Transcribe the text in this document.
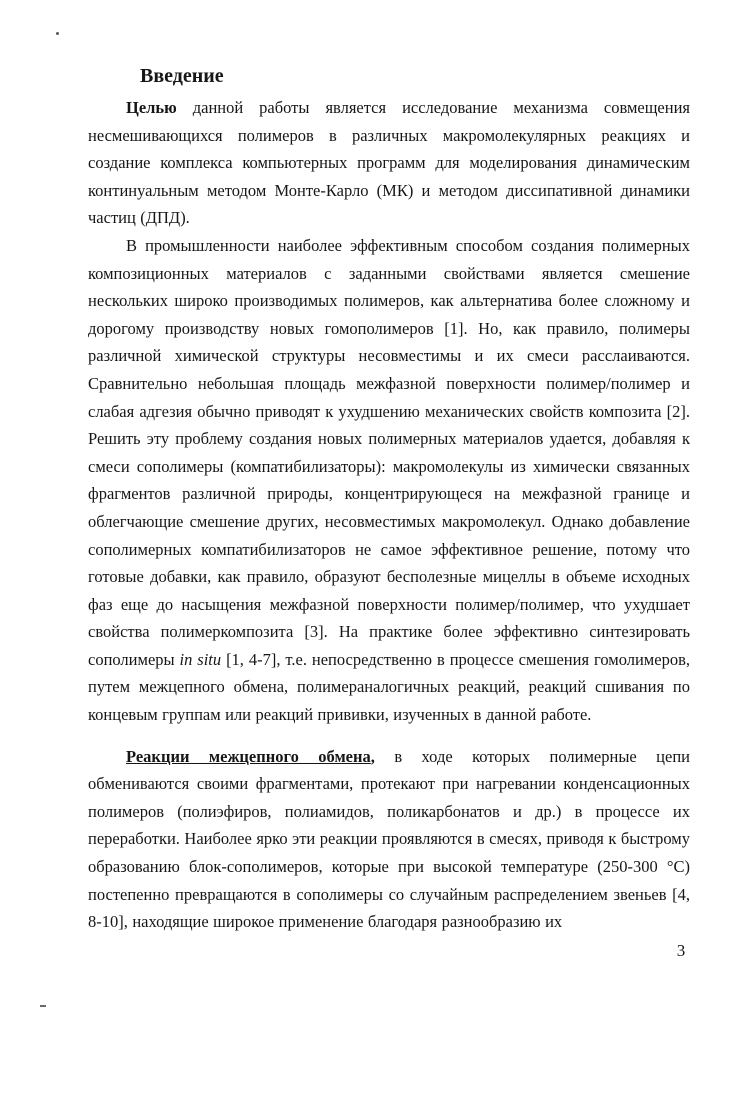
Введение

Целью данной работы является исследование механизма совмещения несмешивающихся полимеров в различных макромолекулярных реакциях и создание комплекса компьютерных программ для моделирования динамическим континуальным методом Монте-Карло (МК) и методом диссипативной динамики частиц (ДПД).

В промышленности наиболее эффективным способом создания полимерных композиционных материалов с заданными свойствами является смешение нескольких широко производимых полимеров, как альтернатива более сложному и дорогому производству новых гомополимеров [1]. Но, как правило, полимеры различной химической структуры несовместимы и их смеси расслаиваются. Сравнительно небольшая площадь межфазной поверхности полимер/полимер и слабая адгезия обычно приводят к ухудшению механических свойств композита [2]. Решить эту проблему создания новых полимерных материалов удается, добавляя к смеси сополимеры (компатибилизаторы): макромолекулы из химически связанных фрагментов различной природы, концентрирующеся на межфазной границе и облегчающие смешение других, несовместимых макромолекул. Однако добавление сополимерных компатибилизаторов не самое эффективное решение, потому что готовые добавки, как правило, образуют бесполезные мицеллы в объеме исходных фаз еще до насыщения межфазной поверхности полимер/полимер, что ухудшает свойства полимеркомпозита [3]. На практике более эффективно синтезировать сополимеры in situ [1, 4-7], т.е. непосредственно в процессе смешения гомолимеров, путем межцепного обмена, полимераналогичных реакций, реакций сшивания по концевым группам или реакций прививки, изученных в данной работе.

Реакции межцепного обмена, в ходе которых полимерные цепи обмениваются своими фрагментами, протекают при нагревании конденсационных полимеров (полиэфиров, полиамидов, поликарбонатов и др.) в процессе их переработки. Наиболее ярко эти реакции проявляются в смесях, приводя к быстрому образованию блок-сополимеров, которые при высокой температуре (250-300 °С) постепенно превращаются в сополимеры со случайным распределением звеньев [4, 8-10], находящие широкое применение благодаря разнообразию их

3
